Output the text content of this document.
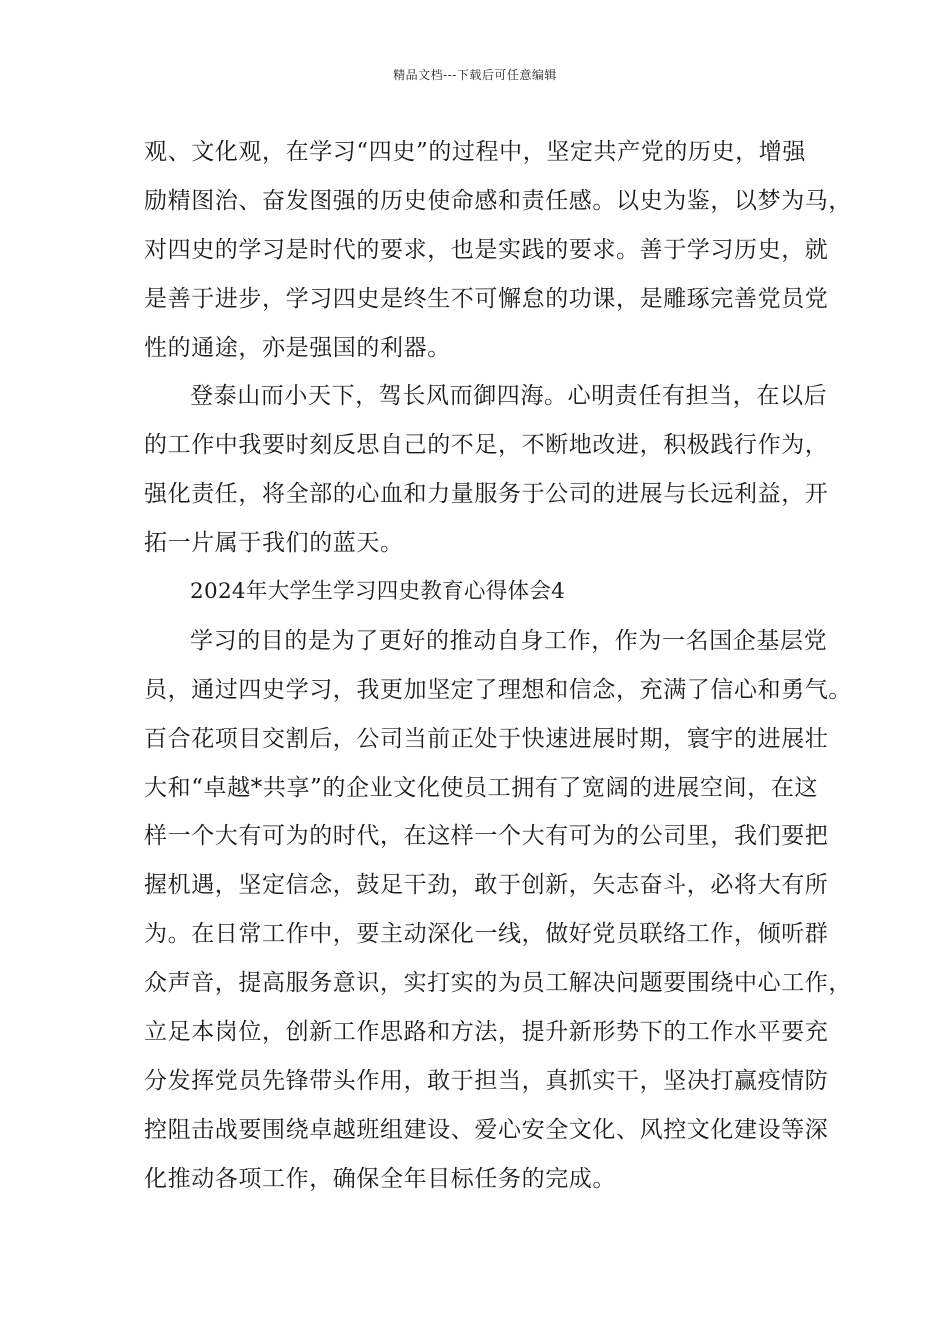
精品文档---下载后可任意编辑
观、文化观，在学习“四史”的过程中，坚定共产党的历史，增强
励精图治、奋发图强的历史使命感和责任感。以史为鉴，以梦为马，
对四史的学习是时代的要求，也是实践的要求。善于学习历史，就
是善于进步，学习四史是终生不可懈怠的功课，是雕琢完善党员党
性的通途，亦是强国的利器。
登泰山而小天下，驾长风而御四海。心明责任有担当，在以后
的工作中我要时刻反思自己的不足，不断地改进，积极践行作为，
强化责任，将全部的心血和力量服务于公司的进展与长远利益，开
拓一片属于我们的蓝天。
2024年大学生学习四史教育心得体会4
学习的目的是为了更好的推动自身工作，作为一名国企基层党
员，通过四史学习，我更加坚定了理想和信念，充满了信心和勇气。
百合花项目交割后，公司当前正处于快速进展时期，寰宇的进展壮
大和“卓越*共享”的企业文化使员工拥有了宽阔的进展空间，在这
样一个大有可为的时代，在这样一个大有可为的公司里，我们要把
握机遇，坚定信念，鼓足干劲，敢于创新，矢志奋斗，必将大有所
为。在日常工作中，要主动深化一线，做好党员联络工作，倾听群
众声音，提高服务意识，实打实的为员工解决问题要围绕中心工作，
立足本岗位，创新工作思路和方法，提升新形势下的工作水平要充
分发挥党员先锋带头作用，敢于担当，真抓实干，坚决打赢疫情防
控阻击战要围绕卓越班组建设、爱心安全文化、风控文化建设等深
化推动各项工作，确保全年目标任务的完成。
